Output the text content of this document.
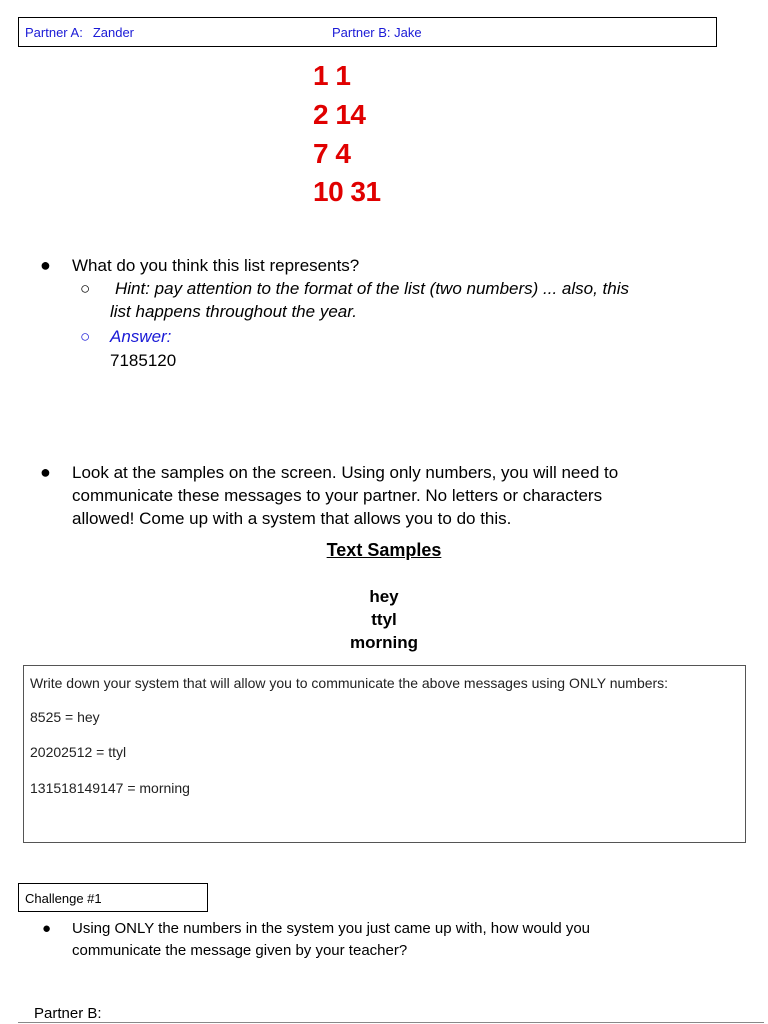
Partner A: Zander	Partner B: Jake
1 1
2 14
7 4
10 31
● What do you think this list represents?
○ Hint: pay attention to the format of the list (two numbers) ... also, this
list happens throughout the year.
○ Answer:
7185120
● Look at the samples on the screen. Using only numbers, you will need to
communicate these messages to your partner. No letters or characters
allowed! Come up with a system that allows you to do this.
Text Samples
hey
ttyl
morning
Write down your system that will allow you to communicate the above messages using ONLY numbers:
8525 = hey
20202512 = ttyl
131518149147 = morning
Challenge #1
● Using ONLY the numbers in the system you just came up with, how would you
communicate the message given by your teacher?
Partner B:
